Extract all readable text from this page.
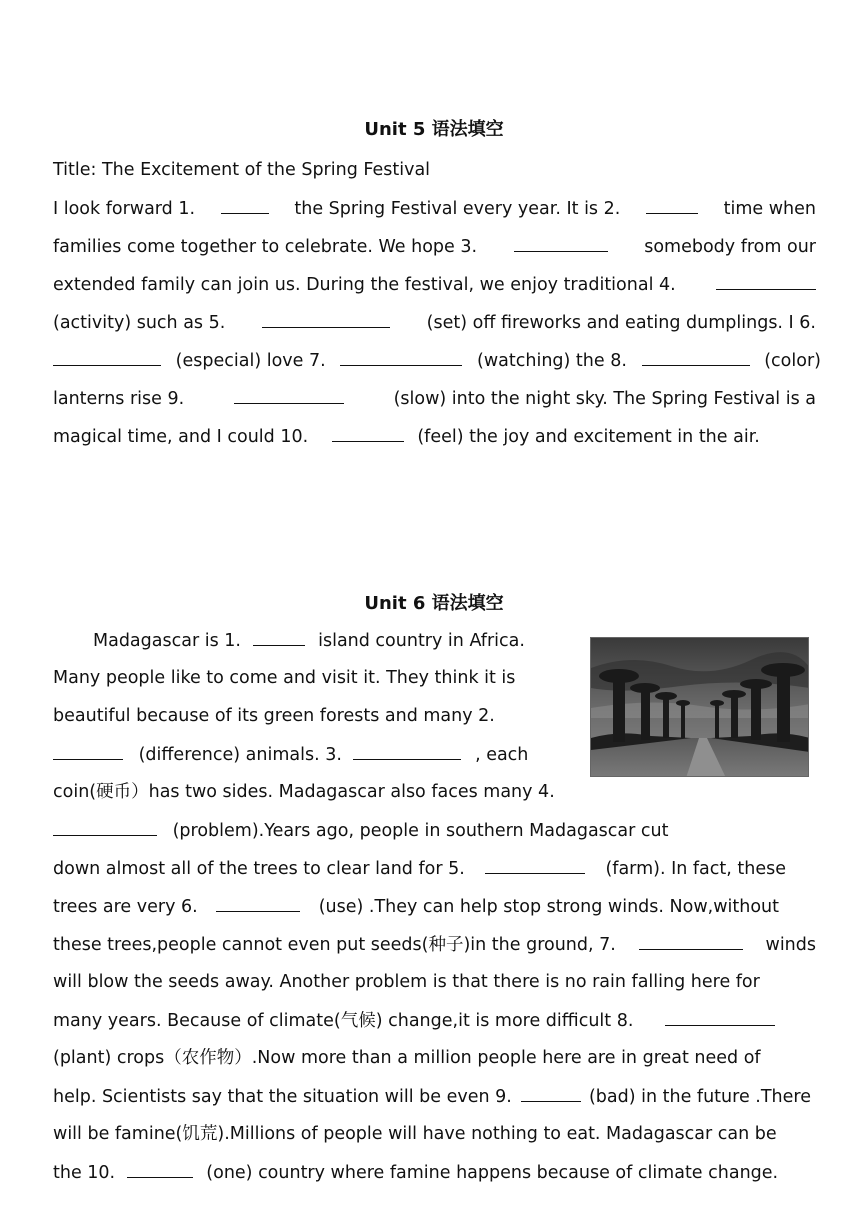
Unit 5 语法填空
Title: The Excitement of the Spring Festival
I look forward 1.	the Spring Festival every year. It is 2.	time when
families come together to celebrate. We hope 3.	somebody from our
extended family can join us. During the festival, we enjoy traditional 4.
(activity) such as 5.	(set) off fireworks and eating dumplings. I 6.
(especial) love 7.	(watching) the 8.	(color)
lanterns rise 9.	(slow) into the night sky. The Spring Festival is a
magical time, and I could 10.	(feel) the joy and excitement in the air.
Unit 6 语法填空
Madagascar is 1.	island country in Africa.
Many people like to come and visit it. They think it is
beautiful because of its green forests and many 2.
(difference) animals. 3.	, each
coin(硬币）has two sides. Madagascar also faces many 4.
(problem).Years ago, people in southern Madagascar cut
down almost all of the trees to clear land for 5.	(farm). In fact, these
trees are very 6.	(use) .They can help stop strong winds. Now,without
these trees,people cannot even put seeds(种子)in the ground, 7.	winds
will blow the seeds away. Another problem is that there is no rain falling here for
many years. Because of climate(气候) change,it is more difficult 8.
(plant) crops（农作物）.Now more than a million people here are in great need of
help. Scientists say that the situation will be even 9.	(bad) in the future .There
will be famine(饥荒).Millions of people will have nothing to eat. Madagascar can be
the 10.	(one) country where famine happens because of climate change.
